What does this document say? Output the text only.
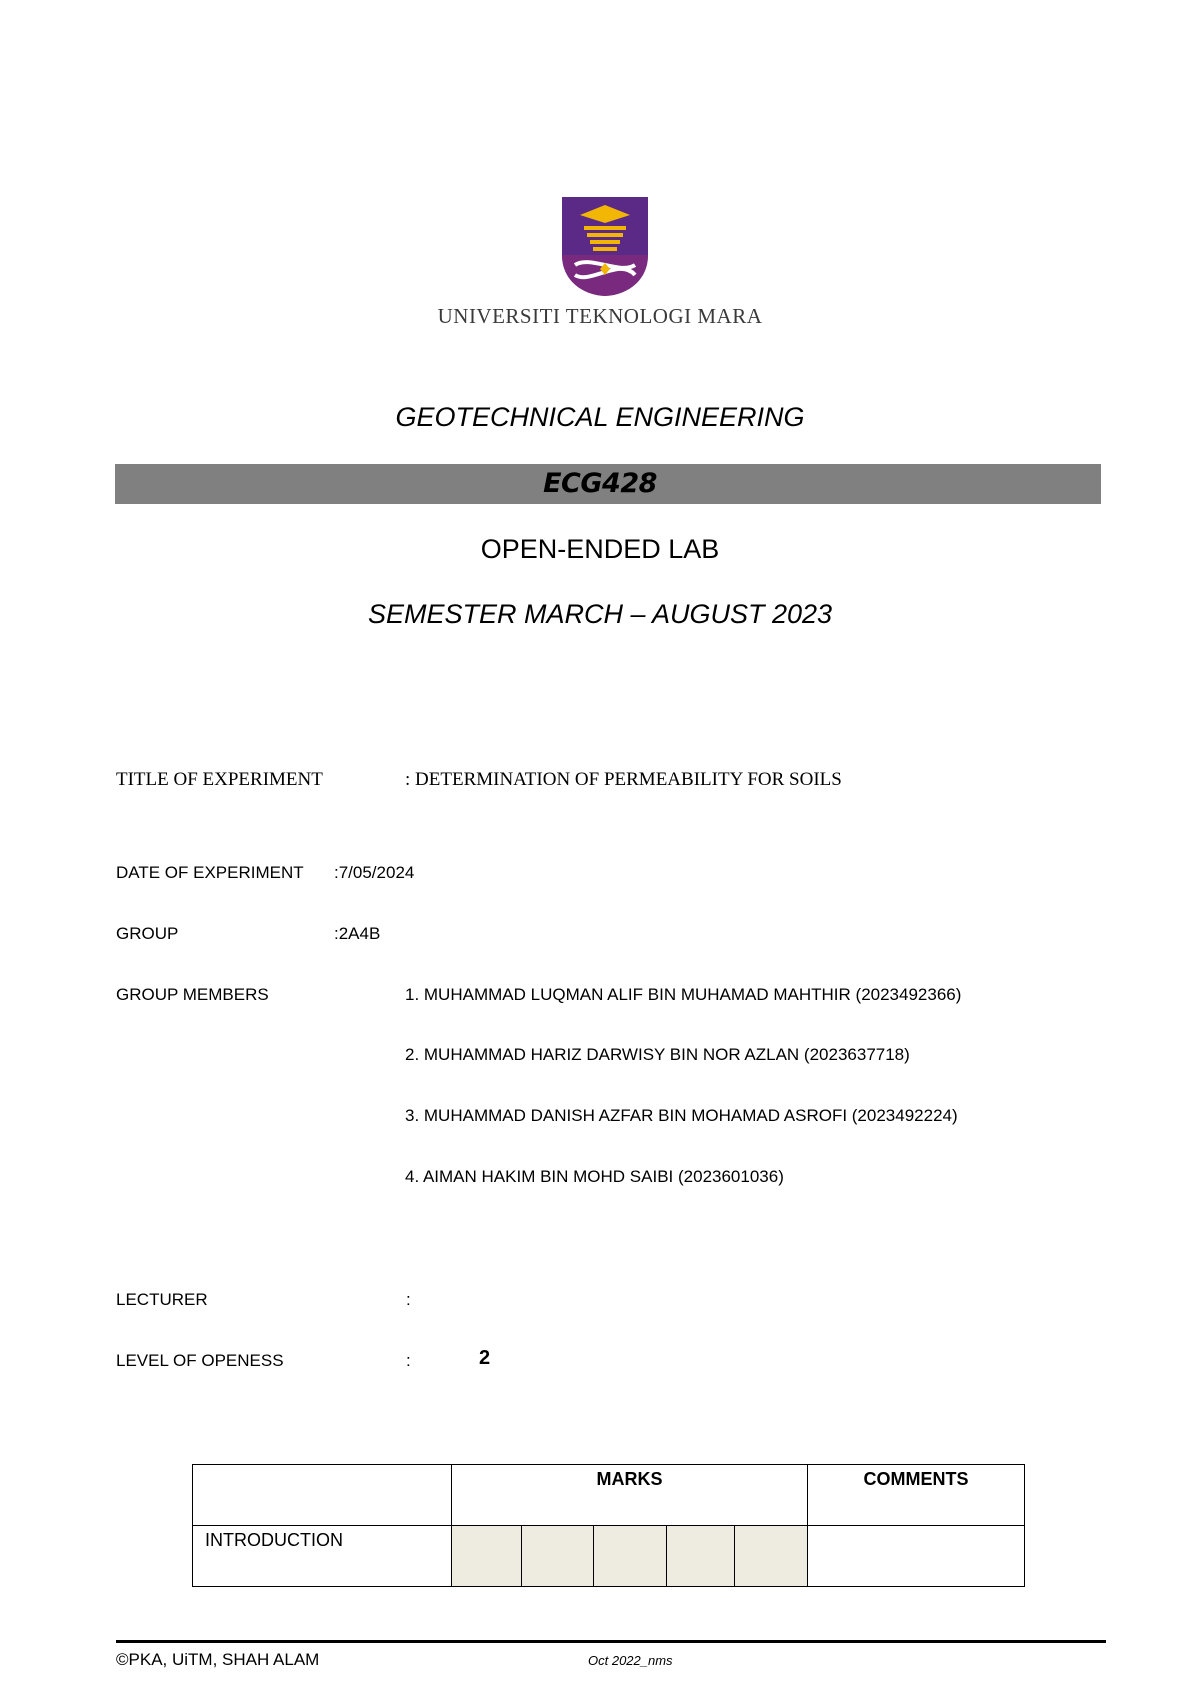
UNIVERSITI TEKNOLOGI MARA
GEOTECHNICAL ENGINEERING
ECG428
OPEN-ENDED LAB
SEMESTER MARCH – AUGUST 2023
TITLE OF EXPERIMENT	: DETERMINATION OF PERMEABILITY FOR SOILS
DATE OF EXPERIMENT :7/05/2024
GROUP	:2A4B
GROUP MEMBERS	1. MUHAMMAD LUQMAN ALIF BIN MUHAMAD MAHTHIR (2023492366)
2. MUHAMMAD HARIZ DARWISY BIN NOR AZLAN (2023637718)
3. MUHAMMAD DANISH AZFAR BIN MOHAMAD ASROFI (2023492224)
4. AIMAN HAKIM BIN MOHD SAIBI (2023601036)
LECTURER	:
LEVEL OF OPENESS	:	2
	MARKS					COMMENTS
INTRODUCTION						
©PKA, UiTM, SHAH ALAM	Oct 2022_nms
